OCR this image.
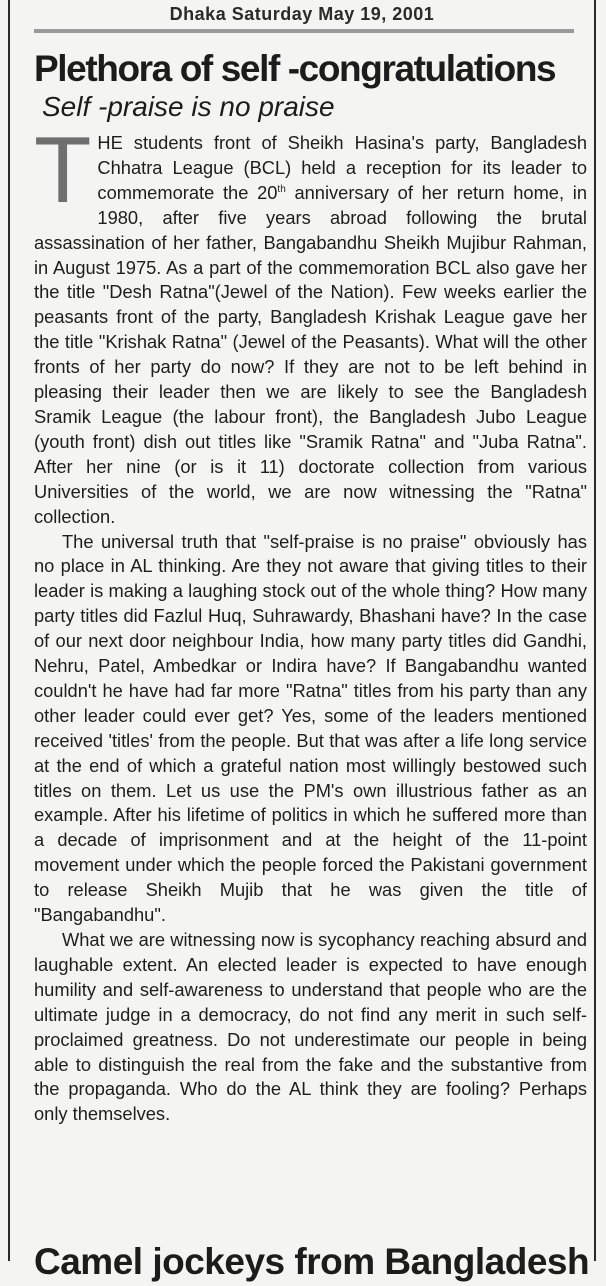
Dhaka Saturday May 19, 2001
Plethora of self -congratulations
Self -praise is no praise

THE students front of Sheikh Hasina's party, Bangladesh Chhatra League (BCL) held a reception for its leader to commemorate the 20th anniversary of her return home, in 1980, after five years abroad following the brutal assassination of her father, Bangabandhu Sheikh Mujibur Rahman, in August 1975. As a part of the commemoration BCL also gave her the title "Desh Ratna"(Jewel of the Nation). Few weeks earlier the peasants front of the party, Bangladesh Krishak League gave her the title "Krishak Ratna" (Jewel of the Peasants). What will the other fronts of her party do now? If they are not to be left behind in pleasing their leader then we are likely to see the Bangladesh Sramik League (the labour front), the Bangladesh Jubo League (youth front) dish out titles like "Sramik Ratna" and "Juba Ratna". After her nine (or is it 11) doctorate collection from various Universities of the world, we are now witnessing the "Ratna" collection.

The universal truth that "self-praise is no praise" obviously has no place in AL thinking. Are they not aware that giving titles to their leader is making a laughing stock out of the whole thing? How many party titles did Fazlul Huq, Suhrawardy, Bhashani have? In the case of our next door neighbour India, how many party titles did Gandhi, Nehru, Patel, Ambedkar or Indira have? If Bangabandhu wanted couldn't he have had far more "Ratna" titles from his party than any other leader could ever get? Yes, some of the leaders mentioned received 'titles' from the people. But that was after a life long service at the end of which a grateful nation most willingly bestowed such titles on them. Let us use the PM's own illustrious father as an example. After his lifetime of politics in which he suffered more than a decade of imprisonment and at the height of the 11-point movement under which the people forced the Pakistani government to release Sheikh Mujib that he was given the title of "Bangabandhu".

What we are witnessing now is sycophancy reaching absurd and laughable extent. An elected leader is expected to have enough humility and self-awareness to understand that people who are the ultimate judge in a democracy, do not find any merit in such self-proclaimed greatness. Do not underestimate our people in being able to distinguish the real from the fake and the substantive from the propaganda. Who do the AL think they are fooling? Perhaps only themselves.

Camel jockeys from Bangladesh
